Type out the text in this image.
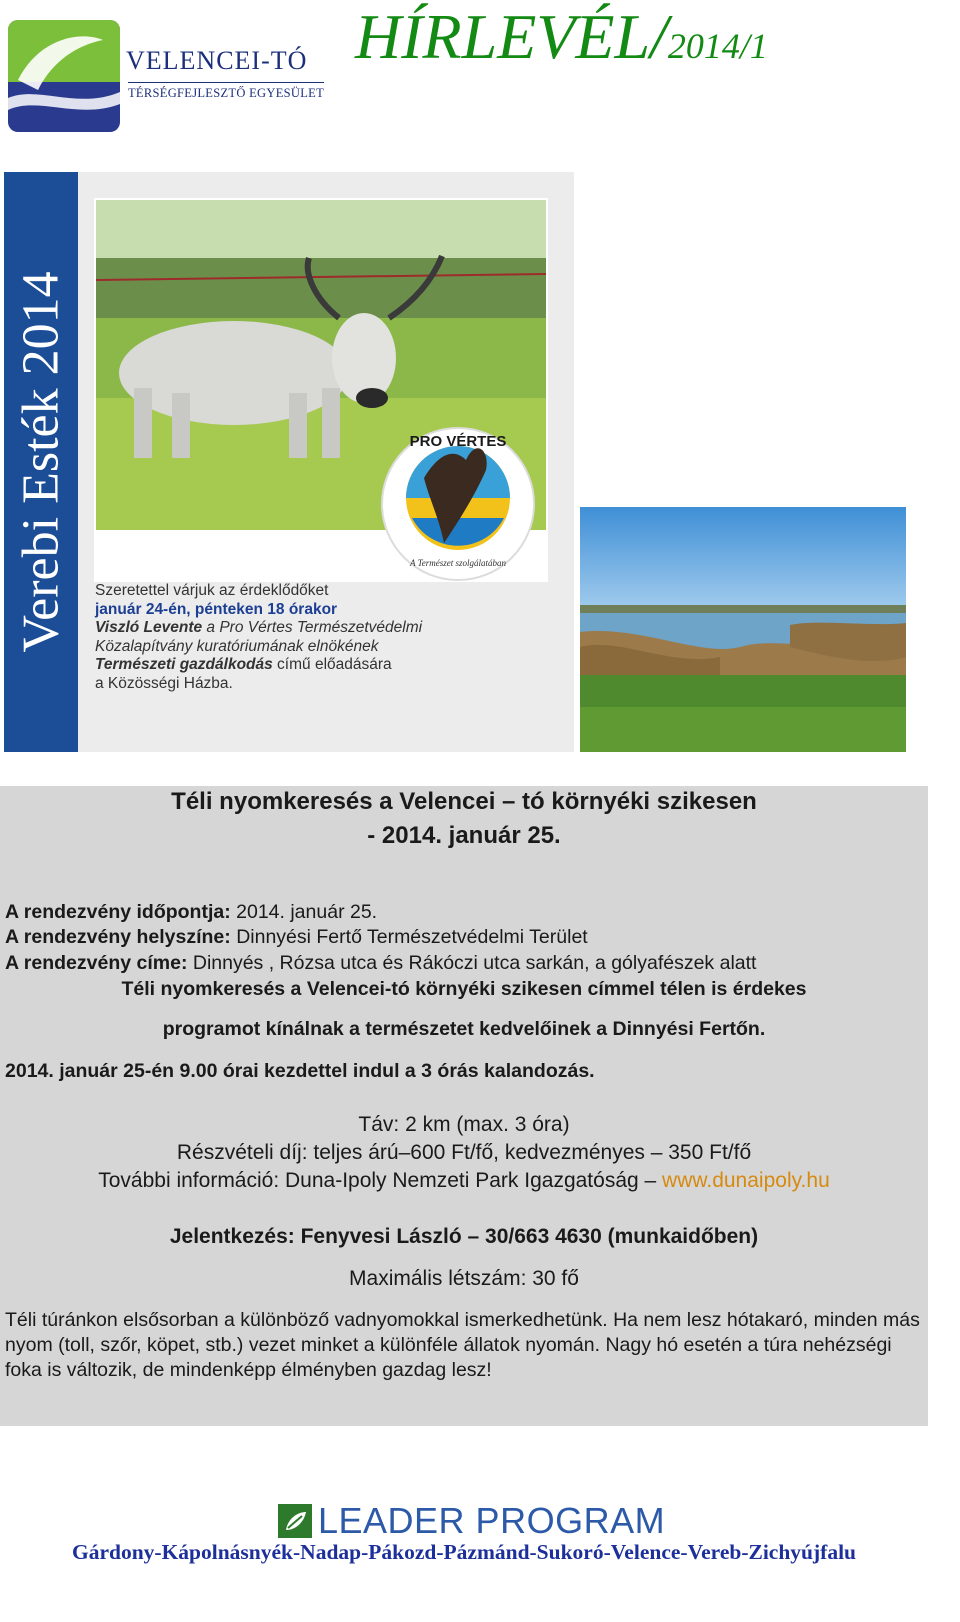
VELENCEI-TÓ
TÉRSÉGFEJLESZTŐ EGYESÜLET
HÍRLEVÉL/2014/1
Verebi Esték 2014	PRO VÉRTES
A Természet szolgálatában
Szeretettel várjuk az érdeklődőket
január 24-én, pénteken 18 órakor
Viszló Levente a Pro Vértes Természetvédelmi
Közalapítvány kuratóriumának elnökének
Természeti gazdálkodás című előadására
a Közösségi Házba.
Téli nyomkeresés a Velencei – tó környéki szikesen
- 2014. január 25.
A rendezvény időpontja: 2014. január 25.
A rendezvény helyszíne: Dinnyési Fertő Természetvédelmi Terület
A rendezvény címe: Dinnyés , Rózsa utca és Rákóczi utca sarkán, a gólyafészek alatt
Téli nyomkeresés a Velencei-tó környéki szikesen címmel télen is érdekes
programot kínálnak a természetet kedvelőinek a Dinnyési Fertőn.
2014. január 25-én 9.00 órai kezdettel indul a 3 órás kalandozás.
Táv: 2 km (max. 3 óra)
Részvételi díj: teljes árú–600 Ft/fő, kedvezményes – 350 Ft/fő
További információ: Duna-Ipoly Nemzeti Park Igazgatóság – www.dunaipoly.hu
Jelentkezés: Fenyvesi László – 30/663 4630 (munkaidőben)
Maximális létszám: 30 fő
Téli túránkon elsősorban a különböző vadnyomokkal ismerkedhetünk. Ha nem lesz hótakaró, minden más nyom (toll, szőr, köpet, stb.) vezet minket a különféle állatok nyomán. Nagy hó esetén a túra nehézségi foka is változik, de mindenképp élményben gazdag lesz!
LEADER PROGRAM
Gárdony-Kápolnásnyék-Nadap-Pákozd-Pázmánd-Sukoró-Velence-Vereb-Zichyújfalu
